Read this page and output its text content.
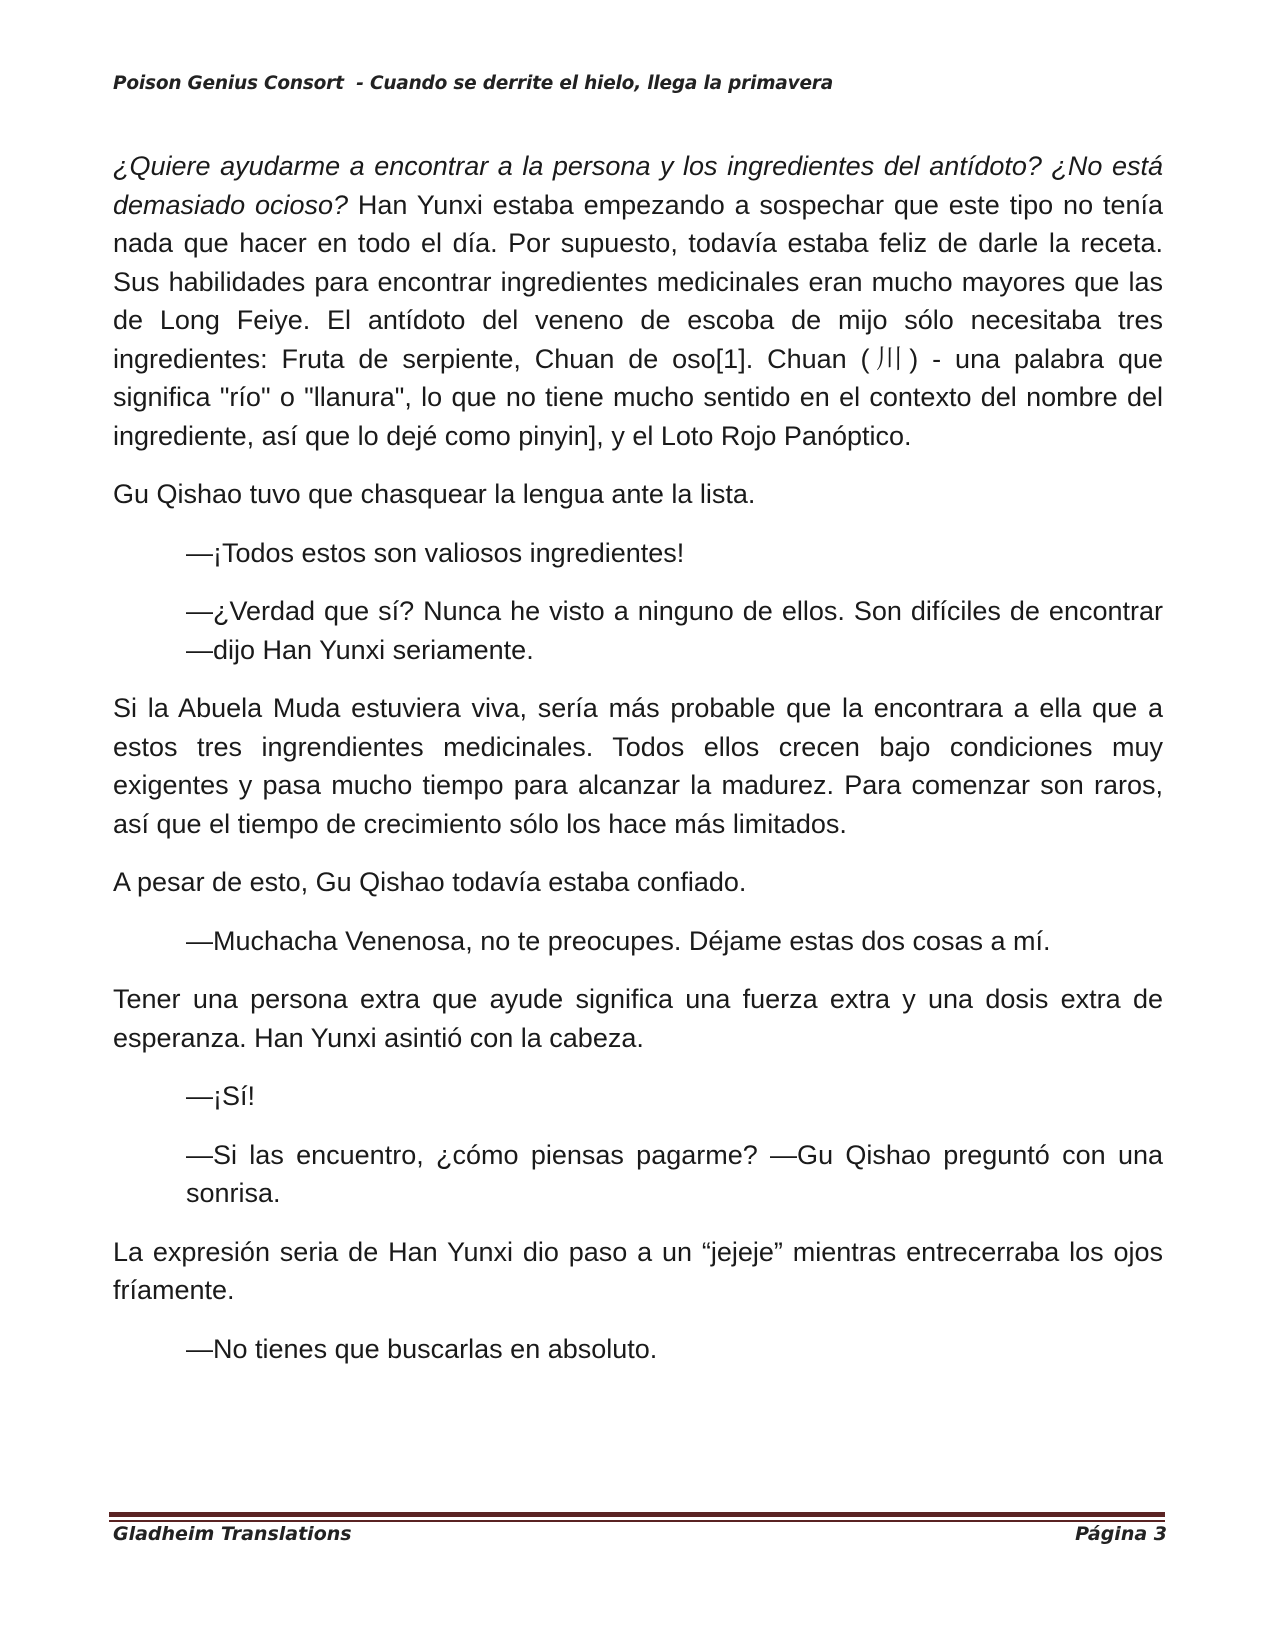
Poison Genius Consort  - Cuando se derrite el hielo, llega la primavera

¿Quiere ayudarme a encontrar a la persona y los ingredientes del antídoto? ¿No está demasiado ocioso? Han Yunxi estaba empezando a sospechar que este tipo no tenía nada que hacer en todo el día. Por supuesto, todavía estaba feliz de darle la receta. Sus habilidades para encontrar ingredientes medicinales eran mucho mayores que las de Long Feiye. El antídoto del veneno de escoba de mijo sólo necesitaba tres ingredientes: Fruta de serpiente, Chuan de oso[1]. Chuan (川) - una palabra que significa "río" o "llanura", lo que no tiene mucho sentido en el contexto del nombre del ingrediente, así que lo dejé como pinyin], y el Loto Rojo Panóptico.

Gu Qishao tuvo que chasquear la lengua ante la lista.

—¡Todos estos son valiosos ingredientes!

—¿Verdad que sí? Nunca he visto a ninguno de ellos. Son difíciles de encontrar —dijo Han Yunxi seriamente.

Si la Abuela Muda estuviera viva, sería más probable que la encontrara a ella que a estos tres ingrendientes medicinales. Todos ellos crecen bajo condiciones muy exigentes y pasa mucho tiempo para alcanzar la madurez. Para comenzar son raros, así que el tiempo de crecimiento sólo los hace más limitados.

A pesar de esto, Gu Qishao todavía estaba confiado.

—Muchacha Venenosa, no te preocupes. Déjame estas dos cosas a mí.

Tener una persona extra que ayude significa una fuerza extra y una dosis extra de esperanza. Han Yunxi asintió con la cabeza.

—¡Sí!

—Si las encuentro, ¿cómo piensas pagarme? —Gu Qishao preguntó con una sonrisa.

La expresión seria de Han Yunxi dio paso a un “jejeje” mientras entrecerraba los ojos fríamente.

—No tienes que buscarlas en absoluto.

Gladheim Translations	Página 3
